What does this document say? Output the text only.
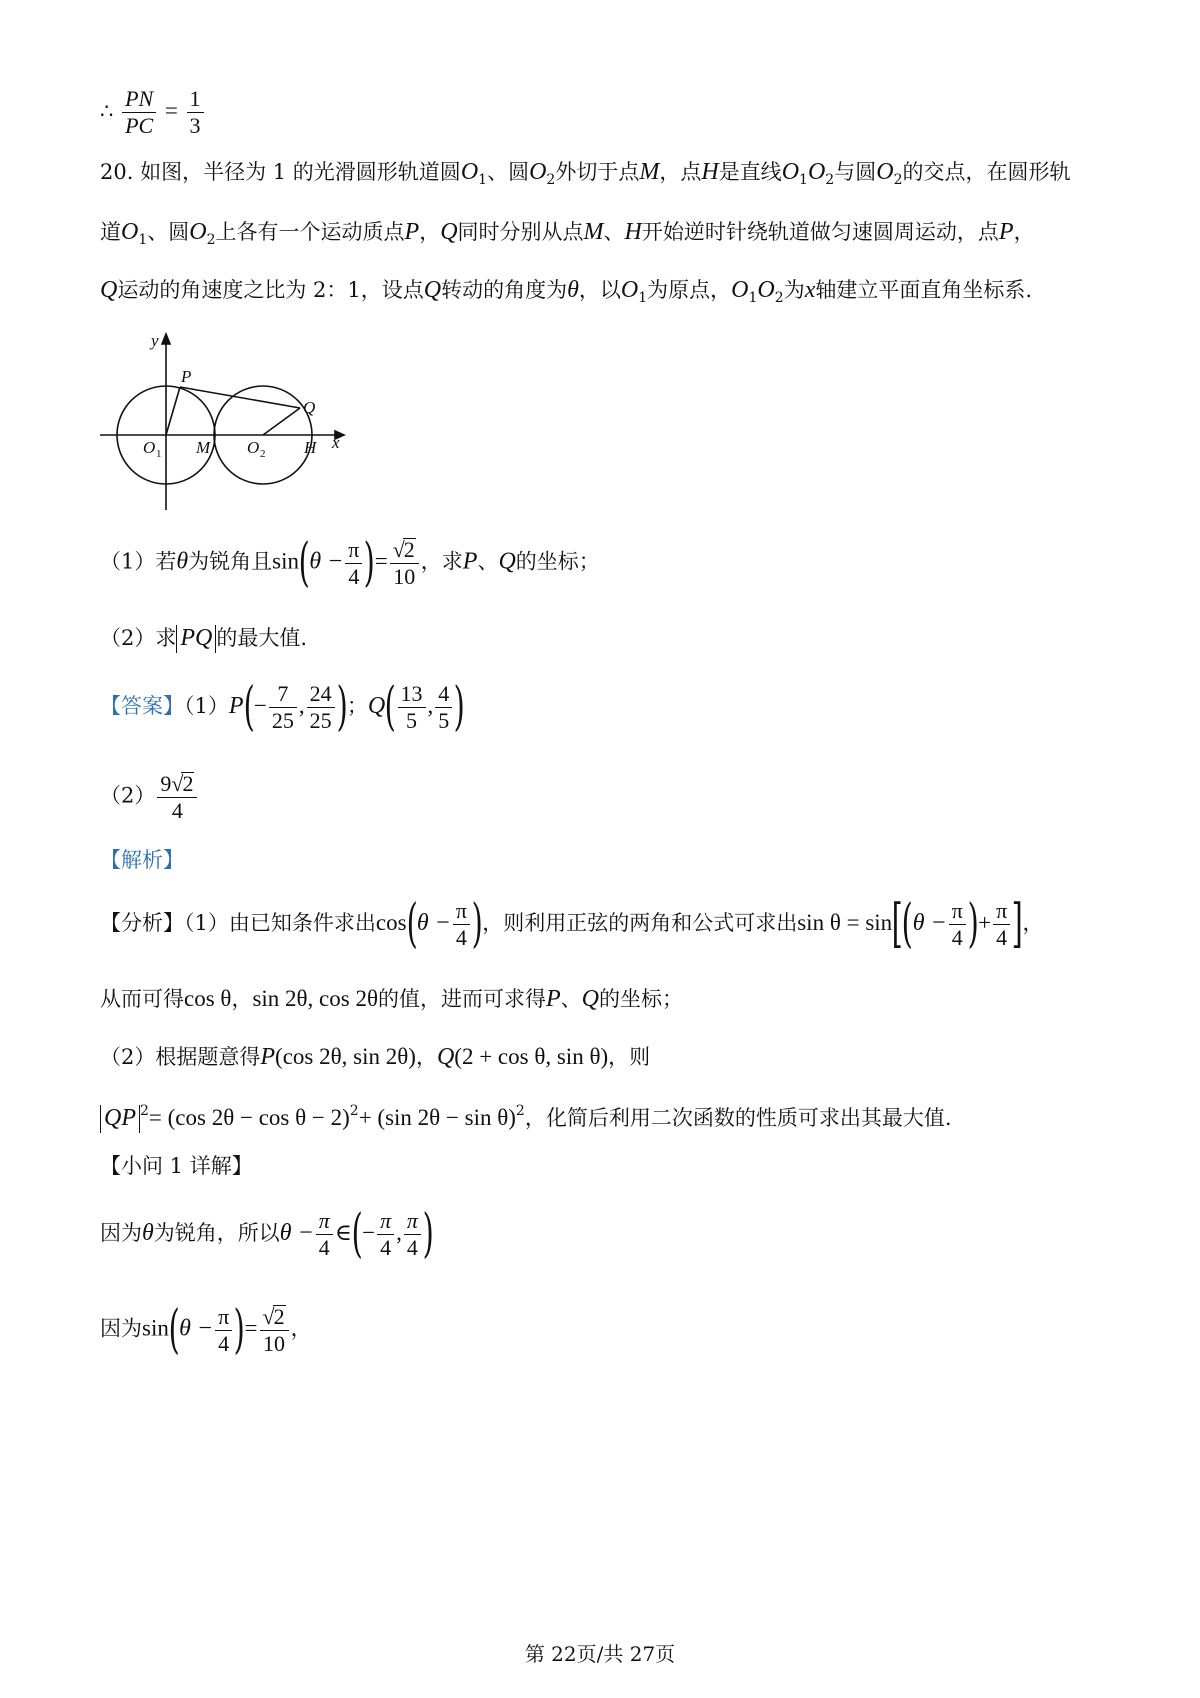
∴ $\frac{PN}{PC} = \frac{1}{3}$
20. 如图，半径为 1 的光滑圆形轨道圆$O_1$、圆$O_2$外切于点M，点H是直线$O_1O_2$与圆$O_2$的交点，在圆形轨
道$O_1$、圆$O_2$上各有一个运动质点P，Q同时分别从点M、H开始逆时针绕轨道做匀速圆周运动，点P，
Q运动的角速度之比为 2：1，设点Q转动的角度为θ，以$O_1$为原点，$O_1O_2$为x轴建立平面直角坐标系.
y
P
Q
x
O 1 M O 2 H
（1）若θ为锐角且$\sin(\theta - \frac{\pi}{4}$ )= $\frac{√2}{10}$ ，求P、Q的坐标；
（2）求 PQ 的最大值.
【答案】$(1)P(- \frac{7}{25}$ , $\frac{24}{25}$ )；$Q( \frac{13}{5}$ , $\frac{4}{5}$ )
$(2) \frac{9√2}{4}$
【解析】
【分析】（1）由已知条件求出$\cos(\theta - \frac{\pi}{4}$ )，则利用正弦的两角和公式可求出$\sin \theta = \sin[(\theta - \frac{\pi}{4}$ )+ $\frac{\pi}{4}$ ]，
从而可得cos θ，sin 2θ, cos 2θ的值，进而可求得P、Q的坐标；
（2）根据题意得P(cos 2θ, sin 2θ)，Q(2 + cos θ, sin θ)，则
QP $^2$= (cos 2θ − cos θ − 2)$^2$+ (sin 2θ − sin θ)$^2$，化简后利用二次函数的性质可求出其最大值.
【小问 1 详解】
因为θ为锐角，所以$\theta - \frac{\pi}{4}$ ∈(− $\frac{\pi}{4}$ , $\frac{\pi}{4}$ )
因为$\sin(\theta - \frac{\pi}{4}$ )= $\frac{√2}{10}$ ，
第 22页/共 27页
